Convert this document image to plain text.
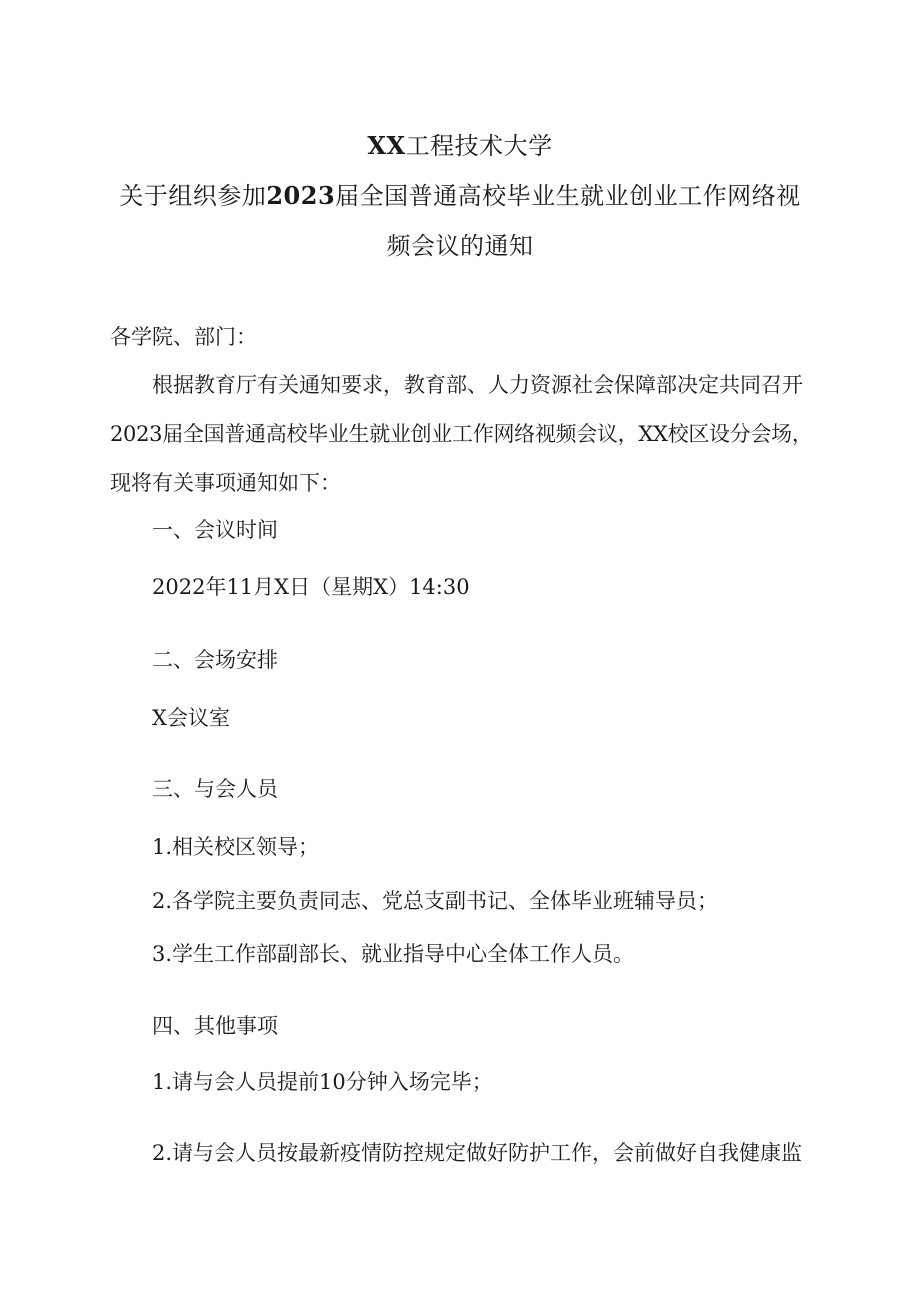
XX工程技术大学
关于组织参加2023届全国普通高校毕业生就业创业工作网络视
频会议的通知
各学院、部门：
根据教育厅有关通知要求，教育部、人力资源社会保障部决定共同召开
2023届全国普通高校毕业生就业创业工作网络视频会议，XX校区设分会场，
现将有关事项通知如下：
一、会议时间
2022年11月X日（星期X）14:30
二、会场安排
X会议室
三、与会人员
1.相关校区领导；
2.各学院主要负责同志、党总支副书记、全体毕业班辅导员；
3.学生工作部副部长、就业指导中心全体工作人员。
四、其他事项
1.请与会人员提前10分钟入场完毕；
2.请与会人员按最新疫情防控规定做好防护工作，会前做好自我健康监
